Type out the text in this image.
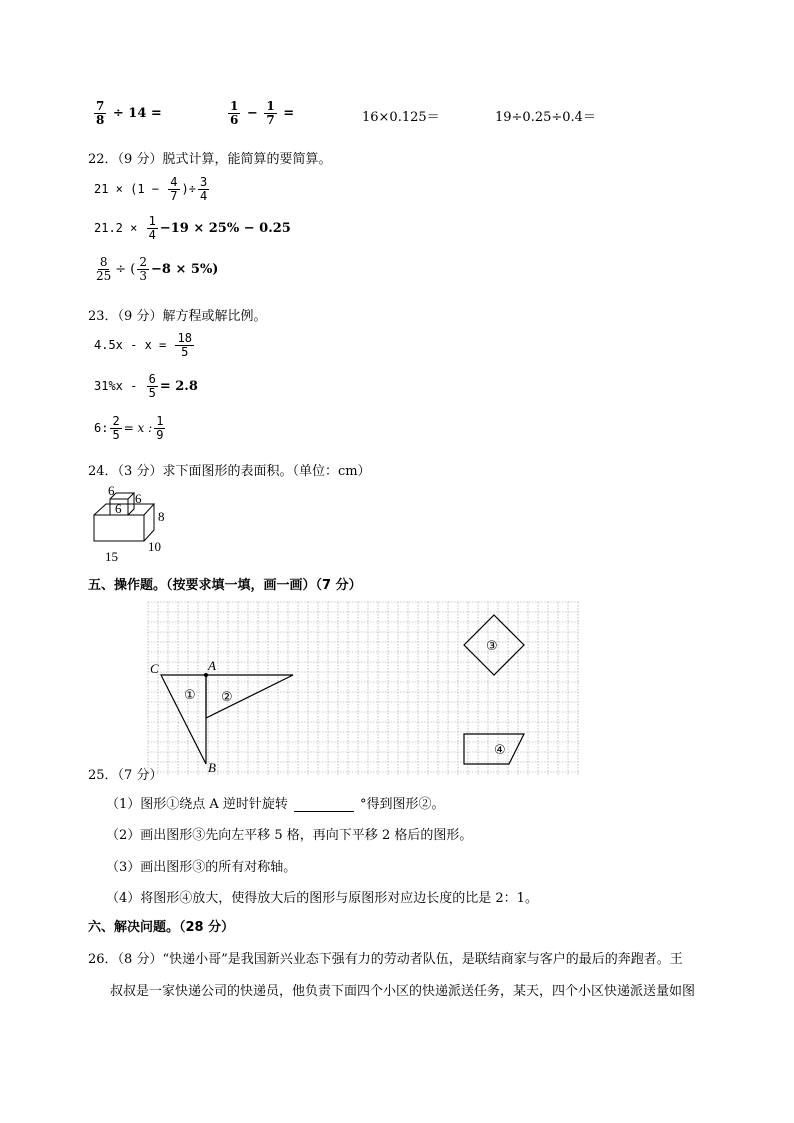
$\frac{7}{8} \div 14$ =	$\frac{1}{6} - \frac{1}{7}$ =	16×0.125＝	19÷0.25÷0.4＝
22．（9 分）脱式计算，能简算的要简算。
$21 \times (1 - \frac{4}{7}$ )÷ $\frac{3}{4}$
$21.2 \times \frac{1}{4} -19 \times 25\% - 0.25$
$\frac{8}{25}$ ÷ ( $\frac{2}{3} -8 \times 5\%$)
23．（9 分）解方程或解比例。
$4.5x - x = \frac{18}{5}$
$31\%x - \frac{6}{5} = 2.8$
6: $\frac{2}{5} = x$ : $\frac{1}{9}$
24．（3 分）求下面图形的表面积。（单位：cm）
6
6
6
8
10
15
五、操作题。（按要求填一填，画一画）（7 分）
25．（7 分）
C	A
B
① ②
③
④
（1）图形①绕点 A 逆时针旋转	°得到图形②。
（2）画出图形③先向左平移 5 格，再向下平移 2 格后的图形。
（3）画出图形③的所有对称轴。
（4）将图形④放大，使得放大后的图形与原图形对应边长度的比是 2：1。
六、解决问题。（28 分）
26．（8 分）“快递小哥”是我国新兴业态下强有力的劳动者队伍，是联结商家与客户的最后的奔跑者。王
叔叔是一家快递公司的快递员，他负责下面四个小区的快递派送任务，某天，四个小区快递派送量如图
